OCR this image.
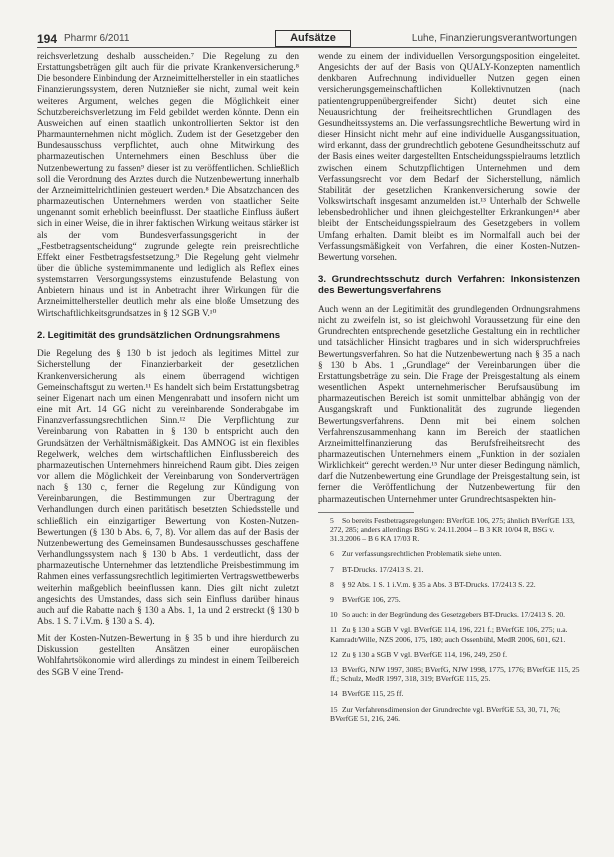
194 Pharmr 6/2011	Aufsätze	Luhe, Finanzierungsverantwortungen

reichsverletzung deshalb ausscheiden.⁷ Die Regelung zu den Erstattungsbeträgen gilt auch für die private Krankenversicherung.⁸ Die besondere Einbindung der Arzneimittelhersteller in ein staatliches Finanzierungssystem, deren Nutznießer sie nicht, zumal weit kein weiteres Argument, welches gegen die Möglichkeit einer Schutzbereichsverletzung im Feld gebildet werden könnte. Denn ein Ausweichen auf einen staatlich unkontrollierten Sektor ist den Pharmaunternehmen nicht möglich. Zudem ist der Gesetzgeber den Bundesausschuss verpflichtet, auch ohne Mitwirkung des pharmazeutischen Unternehmers einen Beschluss über die Nutzenbewertung zu fassen⁹ dieser ist zu veröffentlichen. Schließlich soll die Verordnung des Arztes durch die Nutzenbewertung innerhalb der Arzneimittelrichtlinien gesteuert werden.⁸ Die Absatzchancen des pharmazeutischen Unternehmers werden von staatlicher Seite ungenannt somit erheblich beeinflusst. Der staatliche Einfluss äußert sich in einer Weise, die in ihrer faktischen Wirkung weitaus stärker ist als der vom Bundesverfassungsgericht in der „Festbetragsentscheidung“ zugrunde gelegte rein preisrechtliche Effekt einer Festbetragsfestsetzung.⁹ Die Regelung geht vielmehr über die übliche systemimmanente und lediglich als Reflex eines systemstarren Versorgungssystems einzustufende Belastung von Anbietern hinaus und ist in Anbetracht ihrer Wirkungen für die Arzneimittelhersteller deutlich mehr als eine bloße Umsetzung des Wirtschaftlichkeitsgrundsatzes in § 12 SGB V.¹⁰

2. Legitimität des grundsätzlichen Ordnungsrahmens

Die Regelung des § 130 b ist jedoch als legitimes Mittel zur Sicherstellung der Finanzierbarkeit der gesetzlichen Krankenversicherung als einem überragend wichtigen Gemeinschaftsgut zu werten.¹¹ Es handelt sich beim Erstattungsbetrag seiner Eigenart nach um einen Mengenrabatt und insofern nicht um eine mit Art. 14 GG nicht zu vereinbarende Sonderabgabe im Finanzverfassungsrechtlichen Sinn.¹² Die Verpflichtung zur Vereinbarung von Rabatten in § 130 b entspricht auch den Grundsätzen der Verhältnismäßigkeit. Das AMNOG ist ein flexibles Regelwerk, welches dem wirtschaftlichen Einflussbereich des pharmazeutischen Unternehmers hinreichend Raum gibt. Dies zeigen vor allem die Möglichkeit der Vereinbarung von Sonderverträgen nach § 130 c, ferner die Regelung zur Kündigung von Vereinbarungen, die Bestimmungen zur Übertragung der Verhandlungen durch einen paritätisch besetzten Schiedsstelle und schließlich ein einzigartiger Bewertung von Kosten-Nutzen-Bewertungen (§ 130 b Abs. 6, 7, 8). Vor allem das auf der Basis der Nutzenbewertung des Gemeinsamen Bundesausschusses geschaffene Verhandlungssystem nach § 130 b Abs. 1 verdeutlicht, dass der pharmazeutische Unternehmer das letztendliche Preisbestimmung im Rahmen eines verfassungsrechtlich legitimierten Vertragswettbewerbs weiterhin maßgeblich beeinflussen kann. Dies gilt nicht zuletzt angesichts des Umstandes, dass sich sein Einfluss darüber hinaus auch auf die Rabatte nach § 130 a Abs. 1, 1a und 2 erstreckt (§ 130 b Abs. 1 S. 7 i.V.m. § 130 a S. 4).

Mit der Kosten-Nutzen-Bewertung in § 35 b und ihre hierdurch zu Diskussion gestellten Ansätzen einer europäischen Wohlfahrtsökonomie wird allerdings zu mindest in einem Teilbereich des SGB V eine Trend-

wende zu einem der individuellen Versorgungsposition eingeleitet. Angesichts der auf der Basis von QUALY-Konzepten namentlich denkbaren Aufrechnung individueller Nutzen gegen einen versicherungsgemeinschaftlichen Kollektivnutzen (nach patientengruppenübergreifender Sicht) deutet sich eine Neuausrichtung der freiheitsrechtlichen Grundlagen des Gesundheitssystems an. Die verfassungsrechtliche Bewertung wird in dieser Hinsicht nicht mehr auf eine individuelle Ausgangssituation, wird erkannt, dass der grundrechtlich gebotene Gesundheitsschutz auf der Basis eines weiter dargestellten Entscheidungsspielraums letztlich zwischen einem Schutzpflichtigen Unternehmen und dem Verfassungsrecht vor dem Bedarf der Sicherstellung, nämlich Stabilität der gesetzlichen Krankenversicherung sowie der Volkswirtschaft insgesamt anzumelden ist.¹³ Unterhalb der Schwelle lebensbedrohlicher und ihnen gleichgestellter Erkrankungen¹⁴ aber bleibt der Entscheidungsspielraum des Gesetzgebers in vollem Umfang erhalten. Damit bleibt es im Normalfall auch bei der Verfassungsmäßigkeit von Verfahren, die einer Kosten-Nutzen-Bewertung vorsehen.

3. Grundrechtsschutz durch Verfahren: Inkonsistenzen des Bewertungsverfahrens

Auch wenn an der Legitimität des grundlegenden Ordnungsrahmens nicht zu zweifeln ist, so ist gleichwohl Voraussetzung für eine den Grundrechten entsprechende gesetzliche Gestaltung ein in rechtlicher und tatsächlicher Hinsicht tragbares und in sich widerspruchfreies Bewertungsverfahren. So hat die Nutzenbewertung nach § 35 a nach § 130 b Abs. 1 „Grundlage“ der Vereinbarungen über die Erstattungsbeträge zu sein. Die Frage der Preisgestaltung als einem wesentlichen Aspekt unternehmerischer Berufsausübung im pharmazeutischen Bereich ist somit unmittelbar abhängig von der Ausgangskraft und Funktionalität des zugrunde liegenden Bewertungsverfahrens. Denn mit bei einem solchen Verfahrenszusammenhang kann im Bereich der staatlichen Arzneimittelfinanzierung das Berufsfreiheitsrecht des pharmazeutischen Unternehmers einem „Funktion in der sozialen Wirklichkeit“ gerecht werden.¹⁵ Nur unter dieser Bedingung nämlich, darf die Nutzenbewertung eine Grundlage der Preisgestaltung sein, ist ferner die Veröffentlichung der Nutzenbewertung für den pharmazeutischen Unternehmer unter Grundrechtsaspekten hin-

5 So bereits Festbetragsregelungen: BVerfGE 106, 275; ähnlich BVerfGE 133, 272, 285; anders allerdings BSG v. 24.11.2004 – B 3 KR 10/04 R, BSG v. 31.3.2006 – B 6 KA 17/03 R.

6 Zur verfassungsrechtlichen Problematik siehe unten.

7 BT-Drucks. 17/2413 S. 21.

8 § 92 Abs. 1 S. 1 i.V.m. § 35 a Abs. 3 BT-Drucks. 17/2413 S. 22.

9 BVerfGE 106, 275.

10 So auch: in der Begründung des Gesetzgebers BT-Drucks. 17/2413 S. 20.

11 Zu § 130 a SGB V vgl. BVerfGE 114, 196, 221 f.; BVerfGE 106, 275; u.a. Kamradt/Wille, NZS 2006, 175, 180; auch Ossenbühl, MedR 2006, 601, 621.

12 Zu § 130 a SGB V vgl. BVerfGE 114, 196, 249, 250 f.

13 BVerfG, NJW 1997, 3085; BVerfG, NJW 1998, 1775, 1776; BVerfGE 115, 25 ff.; Schulz, MedR 1997, 318, 319; BVerfGE 115, 25.

14 BVerfGE 115, 25 ff.

15 Zur Verfahrensdimension der Grundrechte vgl. BVerfGE 53, 30, 71, 76; BVerfGE 51, 216, 246.
